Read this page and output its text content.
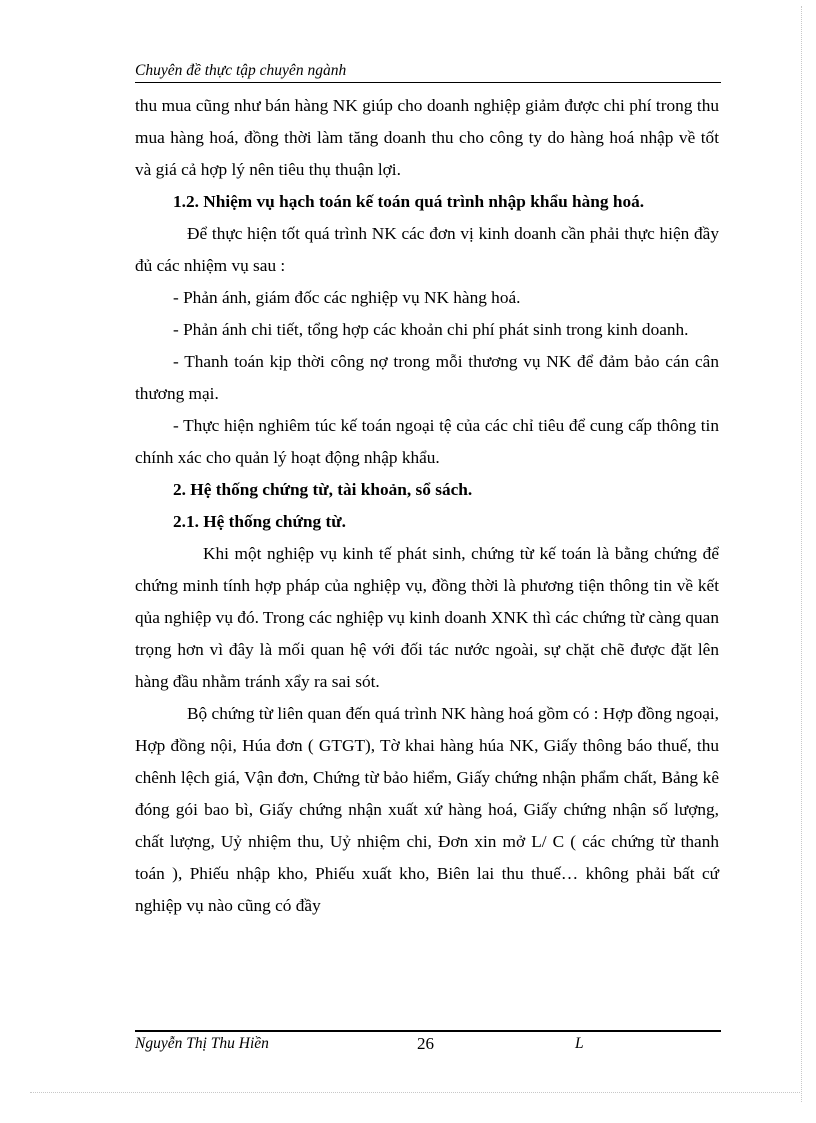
Chuyên đề thực tập chuyên ngành

thu mua cũng như bán hàng NK giúp cho doanh nghiệp giảm được chi phí trong thu mua hàng hoá, đồng thời làm tăng doanh thu cho công ty do hàng hoá nhập về tốt và giá cả hợp lý nên tiêu thụ thuận lợi.

1.2. Nhiệm vụ hạch toán kế toán quá trình nhập khẩu hàng hoá.

Để thực hiện tốt quá trình NK các đơn vị kinh doanh cần phải thực hiện đầy đủ các nhiệm vụ sau :

- Phản ánh, giám đốc các nghiệp vụ NK hàng hoá.

- Phản ánh chi tiết, tổng hợp các khoản chi phí phát sinh trong kinh doanh.

- Thanh toán kịp thời công nợ trong mỗi thương vụ NK để đảm bảo cán cân thương mại.

- Thực hiện nghiêm túc kế toán ngoại tệ của các chỉ tiêu để cung cấp thông tin chính xác cho quản lý hoạt động nhập khẩu.

2. Hệ thống chứng từ, tài khoản, sổ sách.

2.1. Hệ thống chứng từ.

Khi một nghiệp vụ kinh tế phát sinh, chứng từ kế toán là bằng chứng để chứng minh tính hợp pháp của nghiệp vụ, đồng thời là phương tiện thông tin về kết qủa nghiệp vụ đó. Trong các nghiệp vụ kinh doanh XNK thì các chứng từ càng quan trọng hơn vì đây là mối quan hệ với đối tác nước ngoài, sự chặt chẽ được đặt lên hàng đầu nhằm tránh xẩy ra sai sót.

Bộ chứng từ liên quan đến quá trình NK hàng hoá gồm có : Hợp đồng ngoại, Hợp đồng nội, Húa đơn ( GTGT), Tờ khai hàng húa NK, Giấy thông báo thuế, thu chênh lệch giá, Vận đơn, Chứng từ bảo hiểm, Giấy chứng nhận phẩm chất, Bảng kê đóng gói bao bì, Giấy chứng nhận xuất xứ hàng hoá, Giấy chứng nhận số lượng, chất lượng, Uỷ nhiệm thu, Uỷ nhiệm chi, Đơn xin mở L/ C ( các chứng từ thanh toán ), Phiếu nhập kho, Phiếu xuất kho, Biên lai thu thuế… không phải bất cứ nghiệp vụ nào cũng có đầy

Nguyễn Thị Thu Hiền	26	L
